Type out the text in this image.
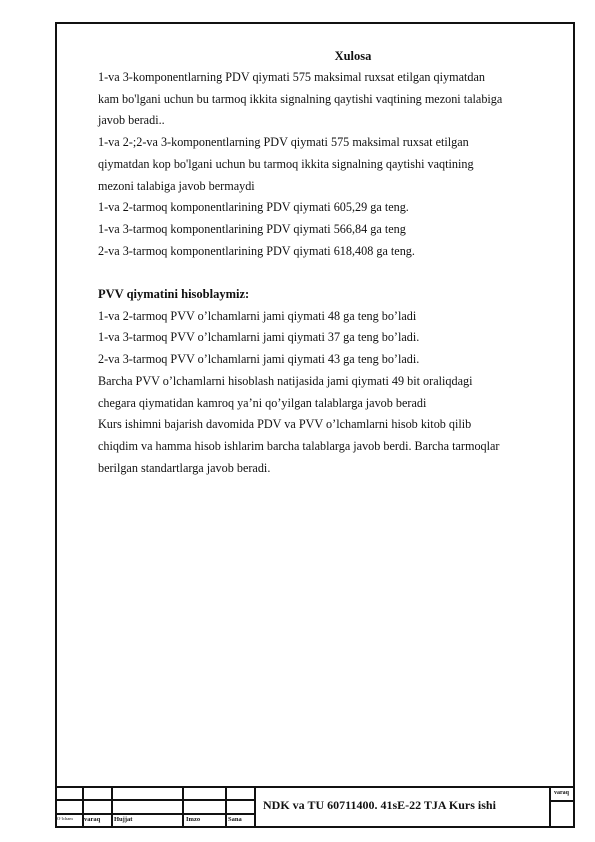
Xulosa

1-va 3-komponentlarning PDV qiymati 575 maksimal ruxsat etilgan qiymatdan

kam bo'lgani uchun bu tarmoq ikkita signalning qaytishi vaqtining mezoni talabiga

javob beradi..

1-va 2-;2-va 3-komponentlarning PDV qiymati 575 maksimal ruxsat etilgan

qiymatdan kop bo'lgani uchun bu tarmoq ikkita signalning qaytishi vaqtining

mezoni talabiga javob bermaydi

1-va 2-tarmoq komponentlarining PDV qiymati 605,29 ga teng.

1-va 3-tarmoq komponentlarining PDV qiymati 566,84 ga teng

2-va 3-tarmoq komponentlarining PDV qiymati 618,408 ga teng.

PVV qiymatini hisoblaymiz:

1-va 2-tarmoq PVV o’lchamlarni jami qiymati 48 ga teng bo’ladi

1-va 3-tarmoq PVV o’lchamlarni jami qiymati 37 ga teng bo’ladi.

2-va 3-tarmoq PVV o’lchamlarni jami qiymati 43 ga teng bo’ladi.

Barcha PVV o’lchamlarni hisoblash natijasida jami qiymati 49 bit oraliqdagi

chegara qiymatidan kamroq ya’ni qo’yilgan talablarga javob beradi

Kurs ishimni bajarish davomida PDV va PVV o’lchamlarni hisob kitob qilib

chiqdim va hamma hisob ishlarim barcha talablarga javob berdi. Barcha tarmoqlar

berilgan standartlarga javob beradi.

O‘lcham
mmm
varaq Hujjat	Imzo	Sana
NDK va TU 60711400. 41sE-22 TJA Kurs ishi
varaq
